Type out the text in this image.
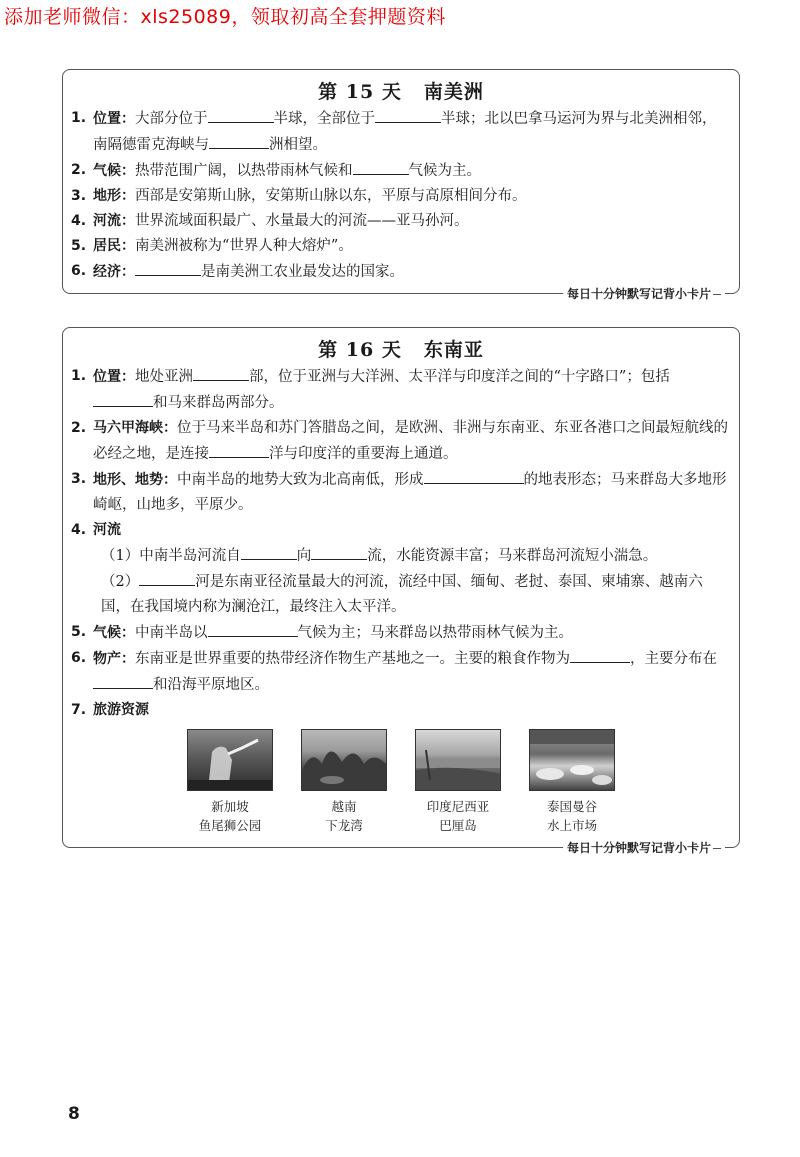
添加老师微信：xls25089，领取初高全套押题资料
第 15 天 南美洲
1. 位置：大部分位于	半球，全部位于	半球；北以巴拿马运河为界与北美洲相邻，南隔德雷克海峡与	洲相望。
2. 气候：热带范围广阔，以热带雨林气候和	气候为主。
3. 地形：西部是安第斯山脉，安第斯山脉以东，平原与高原相间分布。
4. 河流：世界流域面积最广、水量最大的河流——亚马孙河。
5. 居民：南美洲被称为“世界人种大熔炉”。
6. 经济：	是南美洲工农业最发达的国家。
每日十分钟默写记背小卡片
第 16 天 东南亚
1. 位置：地处亚洲	部，位于亚洲与大洋洲、太平洋与印度洋之间的“十字路口”；包括和马来群岛两部分。
2. 马六甲海峡：位于马来半岛和苏门答腊岛之间，是欧洲、非洲与东南亚、东亚各港口之间最短航线的必经之地，是连接	洋与印度洋的重要海上通道。
3. 地形、地势：中南半岛的地势大致为北高南低，形成	的地表形态；马来群岛大多地形崎岖，山地多，平原少。
4. 河流
（1）中南半岛河流自	向	流，水能资源丰富；马来群岛河流短小湍急。
（2）	河是东南亚径流量最大的河流，流经中国、缅甸、老挝、泰国、柬埔寨、越南六国，在我国境内称为澜沧江，最终注入太平洋。
5. 气候：中南半岛以	气候为主；马来群岛以热带雨林气候为主。
6. 物产：东南亚是世界重要的热带经济作物生产基地之一。主要的粮食作物为	，主要分布在和沿海平原地区。
7. 旅游资源
新加坡
鱼尾狮公园
越南
下龙湾
印度尼西亚
巴厘岛
泰国曼谷
水上市场
每日十分钟默写记背小卡片
8
